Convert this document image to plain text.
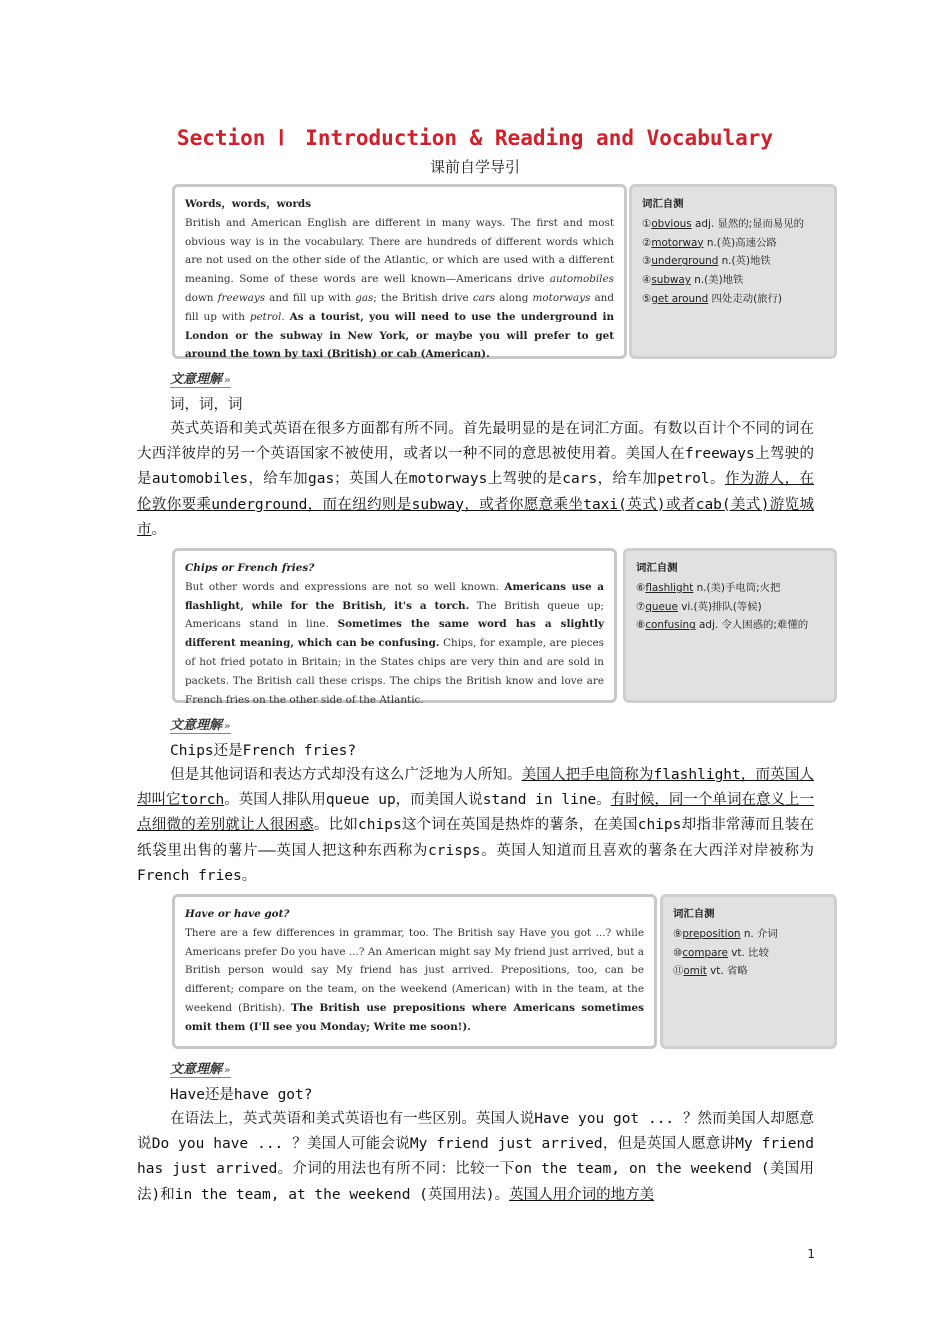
Section Ⅰ　Introduction & Reading and Vocabulary
课前自学导引
Words，words，words
British and American English are different in many ways. The first and most obvious way is in the vocabulary. There are hundreds of different words which are not used on the other side of the Atlantic, or which are used with a different meaning. Some of these words are well known—Americans drive automobiles down freeways and fill up with gas; the British drive cars along motorways and fill up with petrol. As a tourist, you will need to use the underground in London or the subway in New York, or maybe you will prefer to get around the town by taxi (British) or cab (American).
词汇自测
①obvious adj. 显然的;显而易见的
②motorway n.(英)高速公路
③underground n.(英)地铁
④subway n.(美)地铁
⑤get around 四处走动(旅行)
文意理解 »
词，词，词
英式英语和美式英语在很多方面都有所不同。首先最明显的是在词汇方面。有数以百计个不同的词在大西洋彼岸的另一个英语国家不被使用，或者以一种不同的意思被使用着。美国人在freeways上驾驶的是automobiles，给车加gas；英国人在motorways上驾驶的是cars，给车加petrol。作为游人，在伦敦你要乘underground，而在纽约则是subway，或者你愿意乘坐taxi(英式)或者cab(美式)游览城市。
Chips or French fries?
But other words and expressions are not so well known. Americans use a flashlight, while for the British, it's a torch. The British queue up; Americans stand in line. Sometimes the same word has a slightly different meaning, which can be confusing. Chips, for example, are pieces of hot fried potato in Britain; in the States chips are very thin and are sold in packets. The British call these crisps. The chips the British know and love are French fries on the other side of the Atlantic.
词汇自测
⑥flashlight n.(美)手电筒;火把
⑦queue vi.(英)排队(等候)
⑧confusing adj. 令人困惑的;难懂的
文意理解 »
Chips还是French fries?
但是其他词语和表达方式却没有这么广泛地为人所知。美国人把手电筒称为flashlight，而英国人却叫它torch。英国人排队用queue up，而美国人说stand in line。有时候，同一个单词在意义上一点细微的差别就让人很困惑。比如chips这个词在英国是热炸的薯条，在美国chips却指非常薄而且装在纸袋里出售的薯片——英国人把这种东西称为crisps。英国人知道而且喜欢的薯条在大西洋对岸被称为French fries。
Have or have got?
There are a few differences in grammar, too. The British say Have you got ...? while Americans prefer Do you have ...? An American might say My friend just arrived, but a British person would say My friend has just arrived. Prepositions, too, can be different; compare on the team, on the weekend (American) with in the team, at the weekend (British). The British use prepositions where Americans sometimes omit them (I'll see you Monday; Write me soon!).
词汇自测
⑨preposition n. 介词
⑩compare vt. 比较
⑪omit vt. 省略
文意理解 »
Have还是have got?
在语法上，英式英语和美式英语也有一些区别。英国人说Have you got ... ？然而美国人却愿意说Do you have ... ？美国人可能会说My friend just arrived，但是英国人愿意讲My friend has just arrived。介词的用法也有所不同：比较一下on the team, on the weekend (美国用法)和in the team, at the weekend (英国用法)。英国人用介词的地方美
1
